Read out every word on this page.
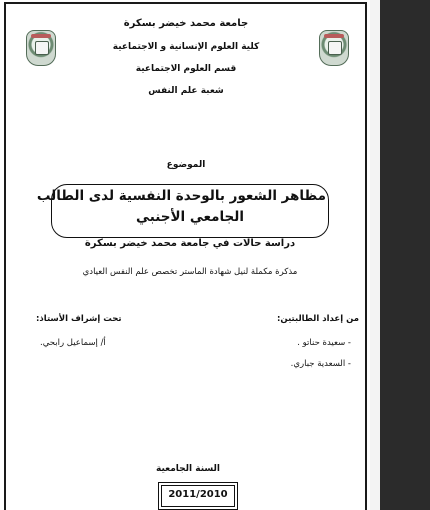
جامعة محمد خيضر بسكرة
كلية العلوم الإنسانية و الاجتماعية
قسم العلوم الاجتماعية
شعبة علم النفس
الموضوع
مظاهر الشعور بالوحدة النفسية لدى الطالب
الجامعي الأجنبي
دراسة حالات في جامعة محمد خيضر بسكرة
مذكرة مكملة لنيل شهادة الماستر تخصص علم النفس العيادي
من إعداد الطالبتين:
- سعيدة حناتو .
- السعدية جباري.
تحت إشراف الأستاذ:
أ/ إسماعيل رابحي.
السنة الجامعية
2011/2010
